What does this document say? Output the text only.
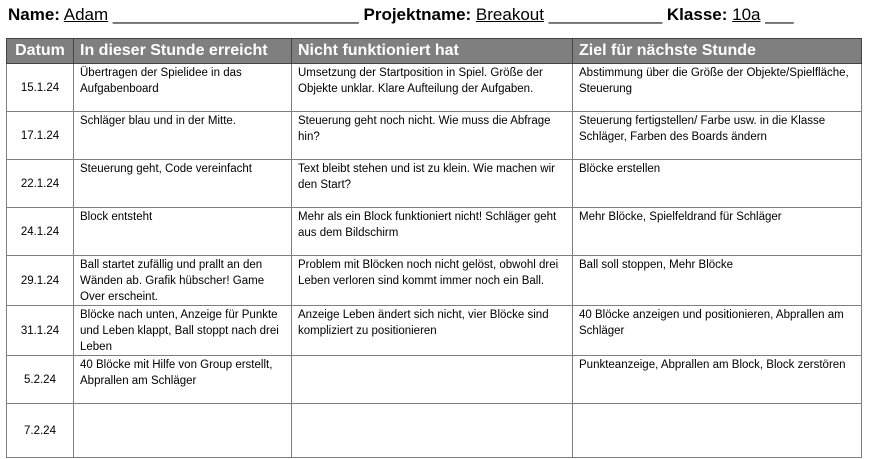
Name: Adam __________________________ Projektname: Breakout ____________ Klasse: 10a ___
Datum	In dieser Stunde erreicht	Nicht funktioniert hat	Ziel für nächste Stunde
15.1.24	Übertragen der Spielidee in das Aufgabenboard	Umsetzung der Startposition in Spiel. Größe der Objekte unklar. Klare Aufteilung der Aufgaben.	Abstimmung über die Größe der Objekte/Spielfläche, Steuerung
17.1.24	Schläger blau und in der Mitte.	Steuerung geht noch nicht. Wie muss die Abfrage hin?	Steuerung fertigstellen/ Farbe usw. in die Klasse Schläger, Farben des Boards ändern
22.1.24	Steuerung geht, Code vereinfacht	Text bleibt stehen und ist zu klein. Wie machen wir den Start?	Blöcke erstellen
24.1.24	Block entsteht	Mehr als ein Block funktioniert nicht! Schläger geht aus dem Bildschirm	Mehr Blöcke, Spielfeldrand für Schläger
29.1.24	Ball startet zufällig und prallt an den Wänden ab. Grafik hübscher! Game Over erscheint.	Problem mit Blöcken noch nicht gelöst, obwohl drei Leben verloren sind kommt immer noch ein Ball.	Ball soll stoppen, Mehr Blöcke
31.1.24	Blöcke nach unten, Anzeige für Punkte und Leben klappt, Ball stoppt nach drei Leben	Anzeige Leben ändert sich nicht, vier Blöcke sind kompliziert zu positionieren	40 Blöcke anzeigen und positionieren, Abprallen am Schläger
5.2.24	40 Blöcke mit Hilfe von Group erstellt, Abprallen am Schläger		Punkteanzeige, Abprallen am Block, Block zerstören
7.2.24			
